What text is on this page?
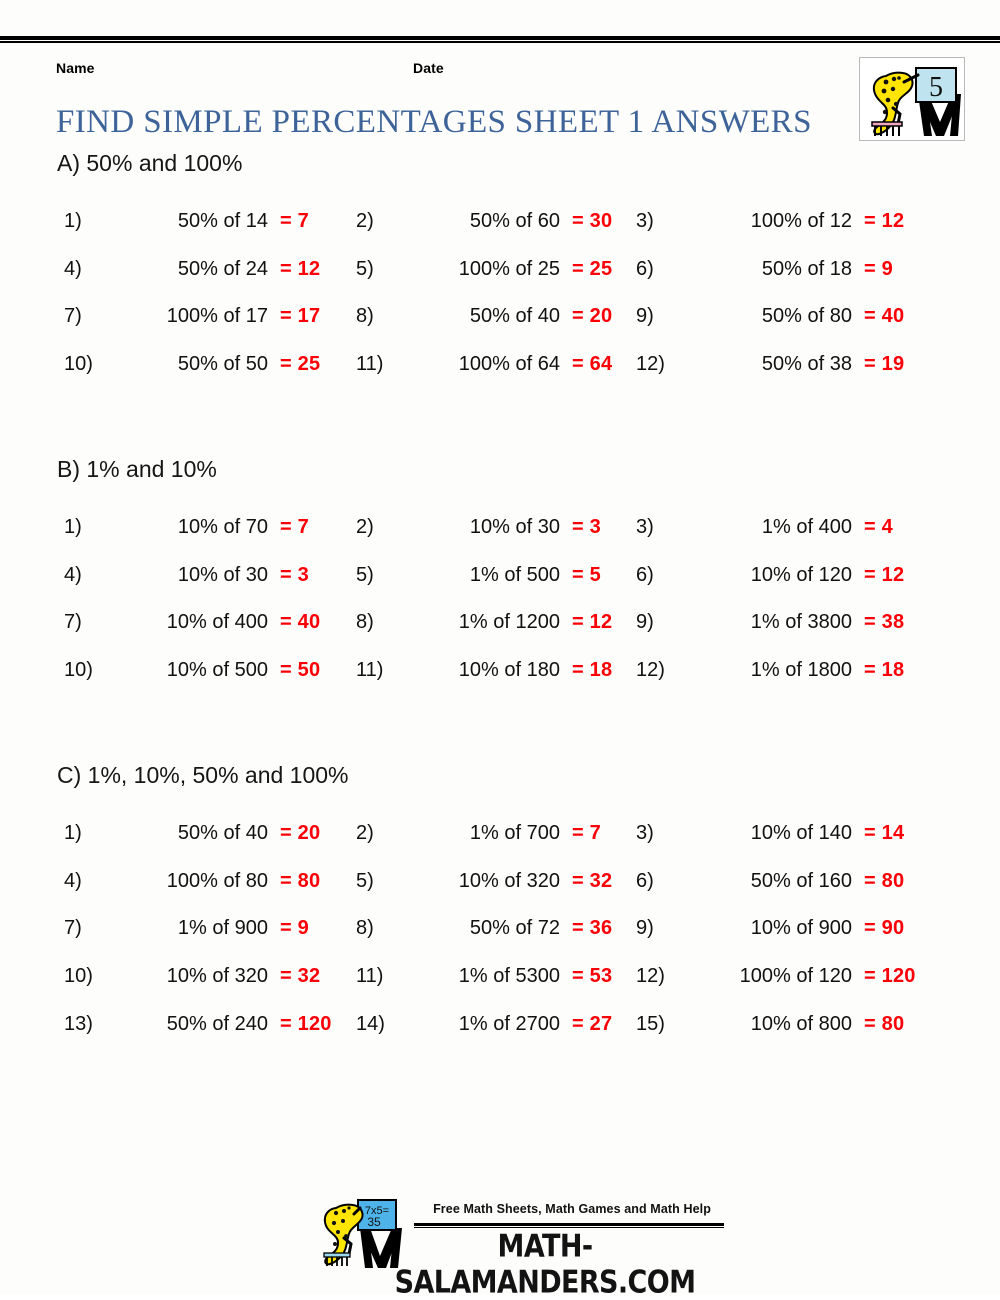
Name	Date
5
FIND SIMPLE PERCENTAGES SHEET 1 ANSWERS
A) 50% and 100%
1)	50% of 14 = 7 2)	50% of 60 = 30 3)	100% of 12 = 12
4)	50% of 24 = 12 5)	100% of 25 = 25 6)	50% of 18 = 9
7)	100% of 17 = 17 8)	50% of 40 = 20 9)	50% of 80 = 40
10)	50% of 50 = 25 11)	100% of 64 = 64 12)	50% of 38 = 19
B) 1% and 10%
1)	10% of 70 = 7 2)	10% of 30 = 3 3)	1% of 400 = 4
4)	10% of 30 = 3 5)	1% of 500 = 5 6)	10% of 120 = 12
7)	10% of 400 = 40 8)	1% of 1200 = 12 9)	1% of 3800 = 38
10)	10% of 500 = 50 11)	10% of 180 = 18 12)	1% of 1800 = 18
C) 1%, 10%, 50% and 100%
1)	50% of 40 = 20 2)	1% of 700 = 7 3)	10% of 140 = 14
4)	100% of 80 = 80 5)	10% of 320 = 32 6)	50% of 160 = 80
7)	1% of 900 = 9 8)	50% of 72 = 36 9)	10% of 900 = 90
10)	10% of 320 = 32 11)	1% of 5300 = 53 12)	100% of 120 = 120
13)	50% of 240 = 120 14)	1% of 2700 = 27 15)	10% of 800 = 80
7x5=
35
Free Math Sheets, Math Games and Math Help
MATH-SALAMANDERS.COM
